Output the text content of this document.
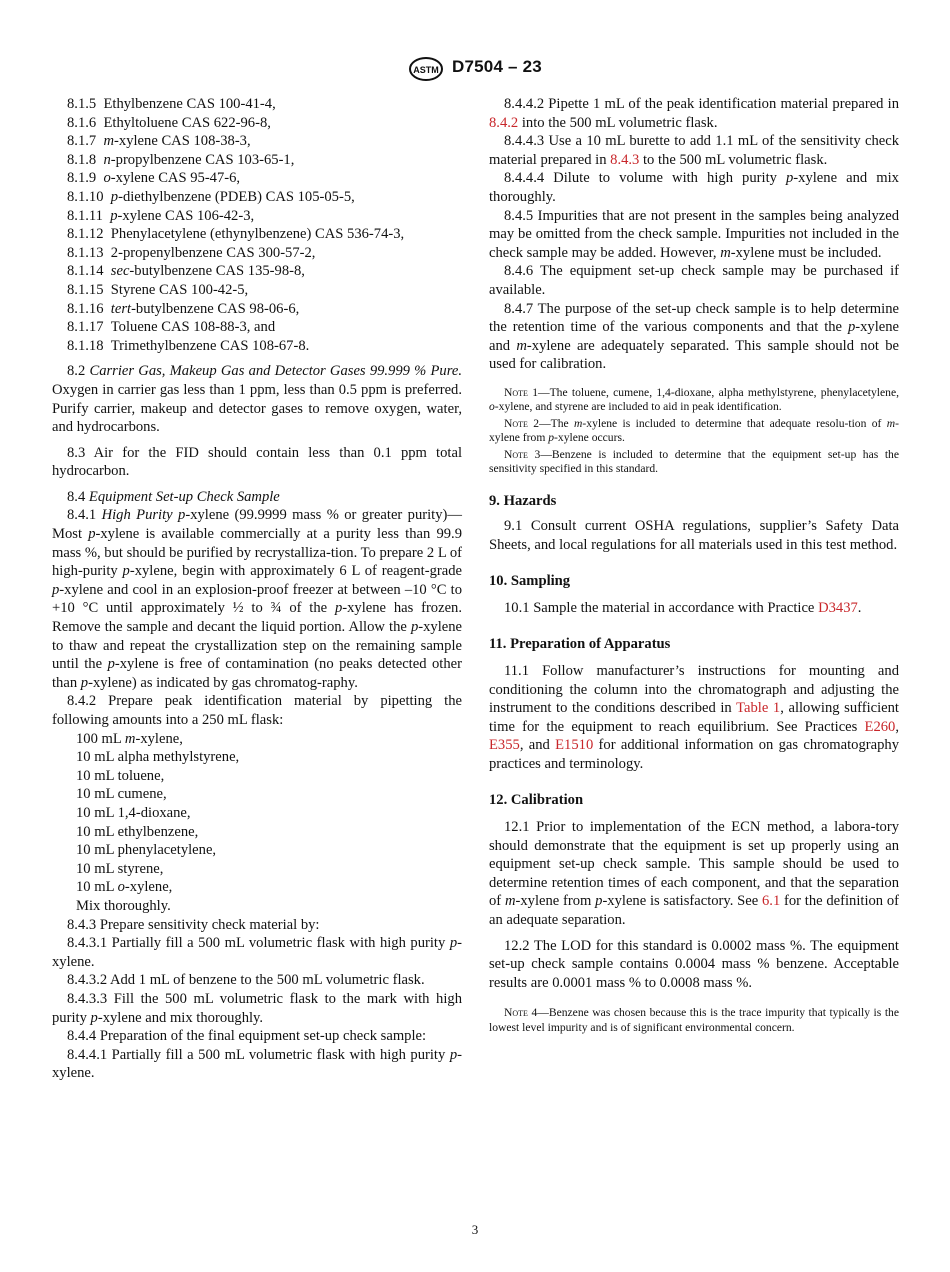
ASTM D7504 – 23

8.1.5 Ethylbenzene CAS 100-41-4,

8.1.6 Ethyltoluene CAS 622-96-8,

8.1.7 m-xylene CAS 108-38-3,

8.1.8 n-propylbenzene CAS 103-65-1,

8.1.9 o-xylene CAS 95-47-6,

8.1.10 p-diethylbenzene (PDEB) CAS 105-05-5,

8.1.11 p-xylene CAS 106-42-3,

8.1.12 Phenylacetylene (ethynylbenzene) CAS 536-74-3,

8.1.13 2-propenylbenzene CAS 300-57-2,

8.1.14 sec-butylbenzene CAS 135-98-8,

8.1.15 Styrene CAS 100-42-5,

8.1.16 tert-butylbenzene CAS 98-06-6,

8.1.17 Toluene CAS 108-88-3, and

8.1.18 Trimethylbenzene CAS 108-67-8.

8.2 Carrier Gas, Makeup Gas and Detector Gases 99.999 % Pure. Oxygen in carrier gas less than 1 ppm, less than 0.5 ppm is preferred. Purify carrier, makeup and detector gases to remove oxygen, water, and hydrocarbons.

8.3 Air for the FID should contain less than 0.1 ppm total hydrocarbon.

8.4 Equipment Set-up Check Sample

8.4.1 High Purity p-xylene (99.9999 mass % or greater purity)—Most p-xylene is available commercially at a purity less than 99.9 mass %, but should be purified by recrystalliza-tion. To prepare 2 L of high-purity p-xylene, begin with approximately 6 L of reagent-grade p-xylene and cool in an explosion-proof freezer at between –10 °C to +10 °C until approximately ½ to ¾ of the p-xylene has frozen. Remove the sample and decant the liquid portion. Allow the p-xylene to thaw and repeat the crystallization step on the remaining sample until the p-xylene is free of contamination (no peaks detected other than p-xylene) as indicated by gas chromatog-raphy.

8.4.2 Prepare peak identification material by pipetting the following amounts into a 250 mL flask:

100 mL m-xylene,

10 mL alpha methylstyrene,

10 mL toluene,

10 mL cumene,

10 mL 1,4-dioxane,

10 mL ethylbenzene,

10 mL phenylacetylene,

10 mL styrene,

10 mL o-xylene,

Mix thoroughly.

8.4.3 Prepare sensitivity check material by:

8.4.3.1 Partially fill a 500 mL volumetric flask with high purity p-xylene.

8.4.3.2 Add 1 mL of benzene to the 500 mL volumetric flask.

8.4.3.3 Fill the 500 mL volumetric flask to the mark with high purity p-xylene and mix thoroughly.

8.4.4 Preparation of the final equipment set-up check sample:

8.4.4.1 Partially fill a 500 mL volumetric flask with high purity p-xylene.

8.4.4.2 Pipette 1 mL of the peak identification material prepared in 8.4.2 into the 500 mL volumetric flask.

8.4.4.3 Use a 10 mL burette to add 1.1 mL of the sensitivity check material prepared in 8.4.3 to the 500 mL volumetric flask.

8.4.4.4 Dilute to volume with high purity p-xylene and mix thoroughly.

8.4.5 Impurities that are not present in the samples being analyzed may be omitted from the check sample. Impurities not included in the check sample may be added. However, m-xylene must be included.

8.4.6 The equipment set-up check sample may be purchased if available.

8.4.7 The purpose of the set-up check sample is to help determine the retention time of the various components and that the p-xylene and m-xylene are adequately separated. This sample should not be used for calibration.

Note 1—The toluene, cumene, 1,4-dioxane, alpha methylstyrene, phenylacetylene, o-xylene, and styrene are included to aid in peak identification.

Note 2—The m-xylene is included to determine that adequate resolu-tion of m-xylene from p-xylene occurs.

Note 3—Benzene is included to determine that the equipment set-up has the sensitivity specified in this standard.

9. Hazards

9.1 Consult current OSHA regulations, supplier’s Safety Data Sheets, and local regulations for all materials used in this test method.

10. Sampling

10.1 Sample the material in accordance with Practice D3437.

11. Preparation of Apparatus

11.1 Follow manufacturer’s instructions for mounting and conditioning the column into the chromatograph and adjusting the instrument to the conditions described in Table 1, allowing sufficient time for the equipment to reach equilibrium. See Practices E260, E355, and E1510 for additional information on gas chromatography practices and terminology.

12. Calibration

12.1 Prior to implementation of the ECN method, a labora-tory should demonstrate that the equipment is set up properly using an equipment set-up check sample. This sample should be used to determine retention times of each component, and that the separation of m-xylene from p-xylene is satisfactory. See 6.1 for the definition of an adequate separation.

12.2 The LOD for this standard is 0.0002 mass %. The equipment set-up check sample contains 0.0004 mass % benzene. Acceptable results are 0.0001 mass % to 0.0008 mass %.

Note 4—Benzene was chosen because this is the trace impurity that typically is the lowest level impurity and is of significant environmental concern.

3
